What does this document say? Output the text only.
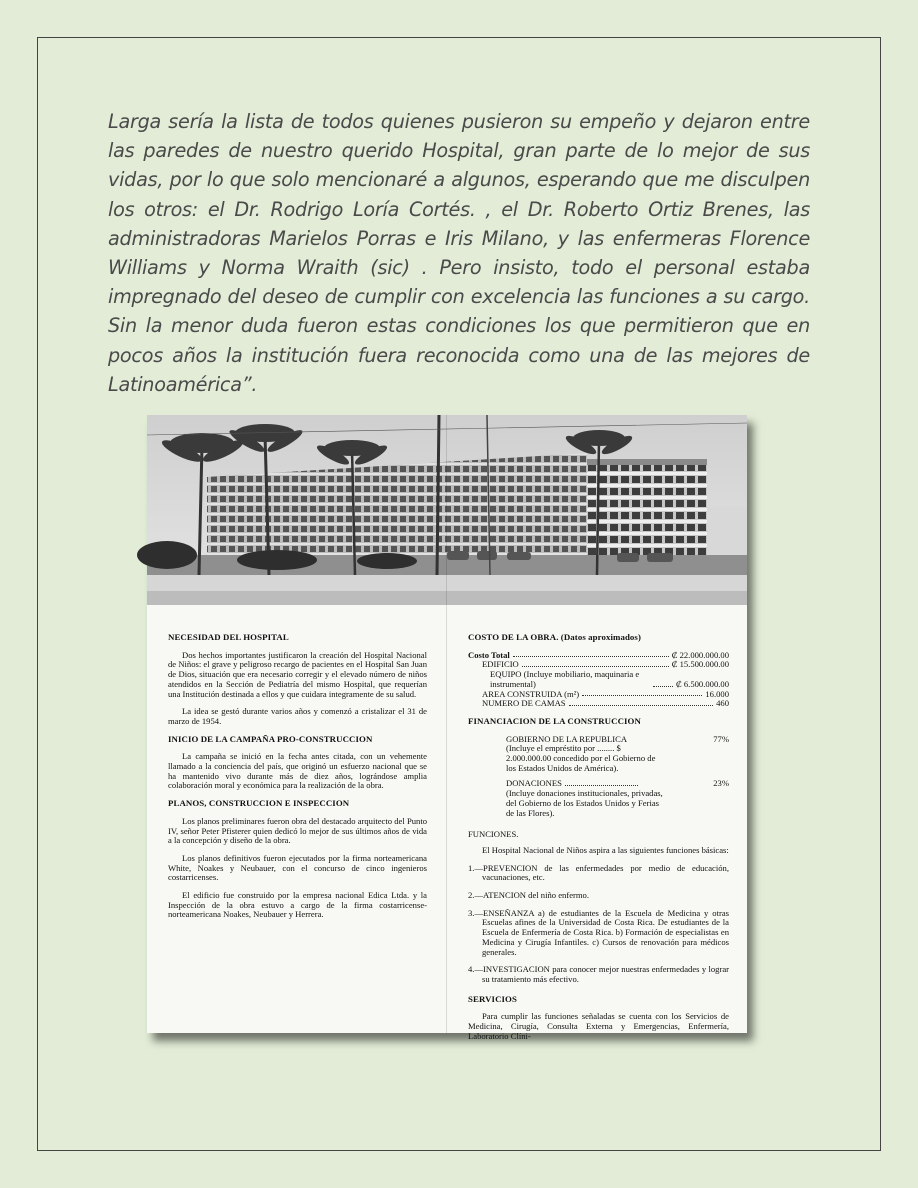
Larga sería la lista de todos quienes pusieron su empeño y dejaron entre las paredes de nuestro querido Hospital, gran parte de lo mejor de sus vidas, por lo que solo mencionaré a algunos, esperando que me disculpen los otros: el Dr. Rodrigo Loría Cortés. , el Dr. Roberto Ortiz Brenes, las administradoras Marielos Porras e Iris Milano, y las enfermeras Florence Williams y Norma Wraith (sic) . Pero insisto, todo el personal estaba impregnado del deseo de cumplir con excelencia las funciones a su cargo. Sin la menor duda fueron estas condiciones los que permitieron que en pocos años la institución fuera reconocida como una de las mejores de Latinoamérica”.

NECESIDAD DEL HOSPITAL

Dos hechos importantes justificaron la creación del Hospital Nacional de Niños: el grave y peligroso recargo de pacientes en el Hospital San Juan de Dios, situación que era necesario corregir y el elevado número de niños atendidos en la Sección de Pediatría del mismo Hospital, que requerían una Institución destinada a ellos y que cuidara integramente de su salud.

La idea se gestó durante varios años y comenzó a cristalizar el 31 de marzo de 1954.

INICIO DE LA CAMPAÑA PRO-CONSTRUCCION

La campaña se inició en la fecha antes citada, con un vehemente llamado a la conciencia del país, que originó un esfuerzo nacional que se ha mantenido vivo durante más de diez años, lográndose amplia colaboración moral y económica para la realización de la obra.

PLANOS, CONSTRUCCION E INSPECCION

Los planos preliminares fueron obra del destacado arquitecto del Punto IV, señor Peter Pfisterer quien dedicó lo mejor de sus últimos años de vida a la concepción y diseño de la obra.

Los planos definitivos fueron ejecutados por la firma norteamericana White, Noakes y Neubauer, con el concurso de cinco ingenieros costarricenses.

El edificio fue construido por la empresa nacional Edica Ltda. y la Inspección de la obra estuvo a cargo de la firma costarricense-norteamericana Noakes, Neubauer y Herrera.

COSTO DE LA OBRA. (Datos aproximados)

Costo Total	₡ 22.000.000.00
EDIFICIO	₡ 15.500.000.00
EQUIPO (Incluye mobiliario, maquinaria e instrumental)	₡ 6.500.000.00
AREA CONSTRUIDA (m²)	16.000
NUMERO DE CAMAS	460

FINANCIACION DE LA CONSTRUCCION

GOBIERNO DE LA REPUBLICA	77%
(Incluye el empréstito por ........ $ 2.000.000.00 concedido por el Gobierno de los Estados Unidos de América).
DONACIONES	23%
(Incluye donaciones institucionales, privadas, del Gobierno de los Estados Unidos y Ferias de las Flores).

FUNCIONES.

El Hospital Nacional de Niños aspira a las siguientes funciones básicas:

1.—PREVENCION de las enfermedades por medio de educación, vacunaciones, etc.

2.—ATENCION del niño enfermo.

3.—ENSEÑANZA a) de estudiantes de la Escuela de Medicina y otras Escuelas afines de la Universidad de Costa Rica. De estudiantes de la Escuela de Enfermería de Costa Rica. b) Formación de especialistas en Medicina y Cirugía Infantiles. c) Cursos de renovación para médicos generales.

4.—INVESTIGACION para conocer mejor nuestras enfermedades y lograr su tratamiento más efectivo.

SERVICIOS

Para cumplir las funciones señaladas se cuenta con los Servicios de Medicina, Cirugía, Consulta Externa y Emergencias, Enfermería, Laboratorio Clíni-
